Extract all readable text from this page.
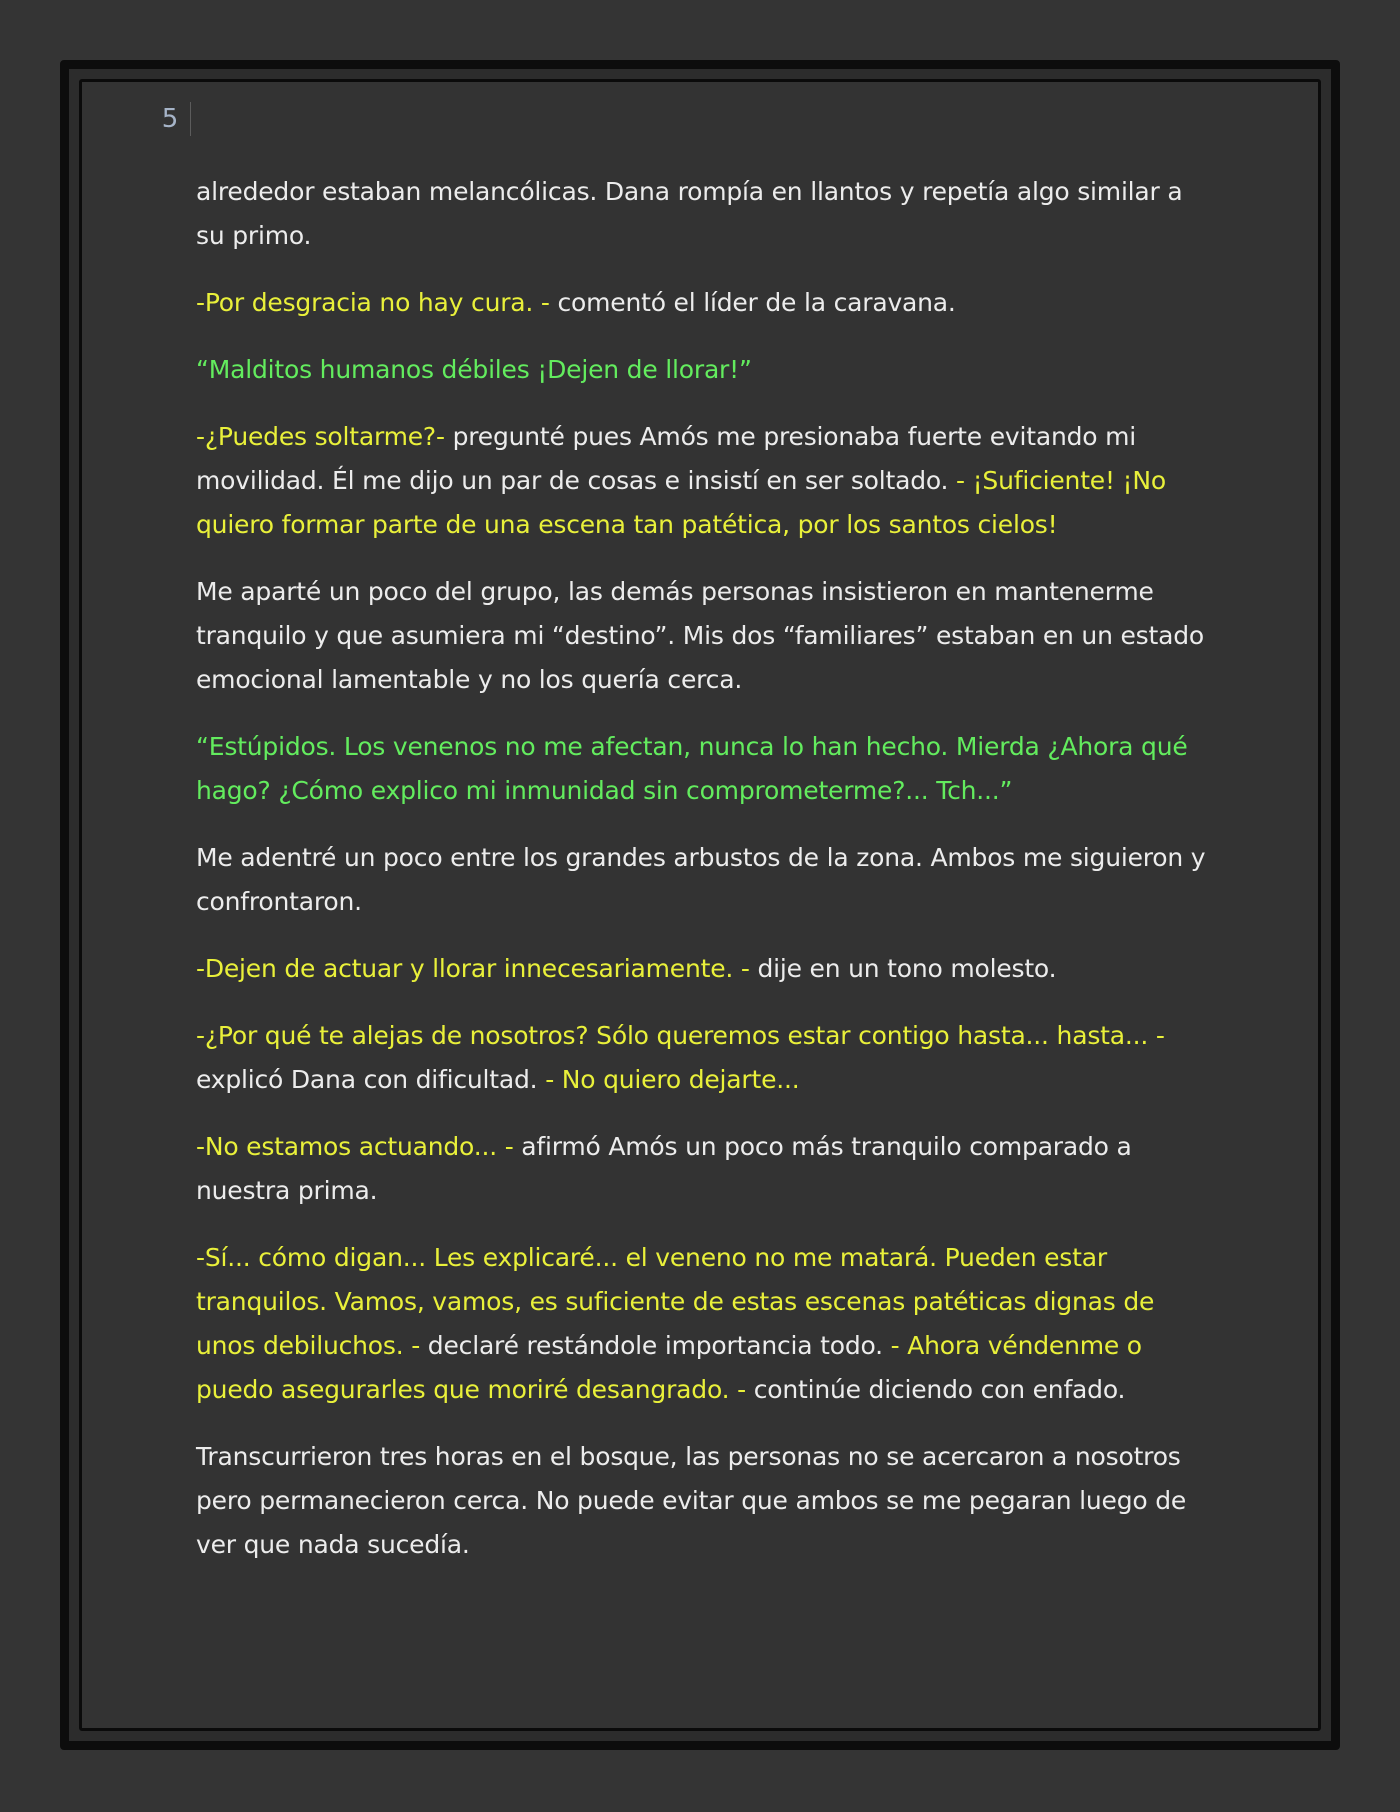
5

alrededor estaban melancólicas. Dana rompía en llantos y repetía algo similar a su primo.

-Por desgracia no hay cura. - comentó el líder de la caravana.

“Malditos humanos débiles ¡Dejen de llorar!”

-¿Puedes soltarme?- pregunté pues Amós me presionaba fuerte evitando mi movilidad. Él me dijo un par de cosas e insistí en ser soltado. - ¡Suficiente! ¡No quiero formar parte de una escena tan patética, por los santos cielos!

Me aparté un poco del grupo, las demás personas insistieron en mantenerme tranquilo y que asumiera mi “destino”. Mis dos “familiares” estaban en un estado emocional lamentable y no los quería cerca.

“Estúpidos. Los venenos no me afectan, nunca lo han hecho. Mierda ¿Ahora qué hago? ¿Cómo explico mi inmunidad sin comprometerme?... Tch...”

Me adentré un poco entre los grandes arbustos de la zona. Ambos me siguieron y confrontaron.

-Dejen de actuar y llorar innecesariamente. - dije en un tono molesto.

-¿Por qué te alejas de nosotros? Sólo queremos estar contigo hasta... hasta... - explicó Dana con dificultad. - No quiero dejarte...

-No estamos actuando... - afirmó Amós un poco más tranquilo comparado a nuestra prima.

-Sí... cómo digan... Les explicaré... el veneno no me matará. Pueden estar tranquilos. Vamos, vamos, es suficiente de estas escenas patéticas dignas de unos debiluchos. - declaré restándole importancia todo. - Ahora véndenme o puedo asegurarles que moriré desangrado. - continúe diciendo con enfado.

Transcurrieron tres horas en el bosque, las personas no se acercaron a nosotros pero permanecieron cerca. No puede evitar que ambos se me pegaran luego de ver que nada sucedía.
